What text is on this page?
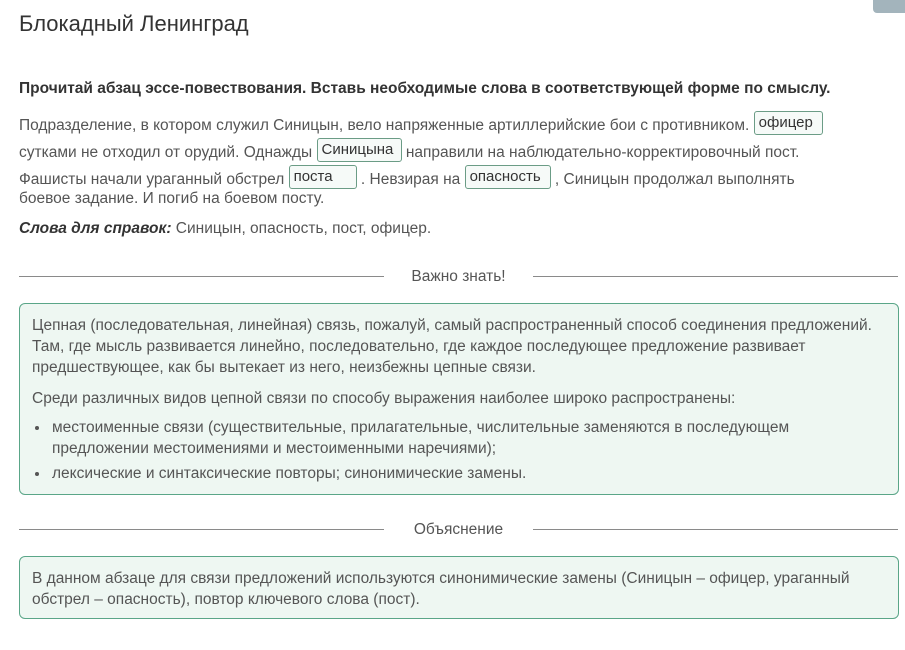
Блокадный Ленинград

Прочитай абзац эссе-повествования. Вставь необходимые слова в соответствующей форме по смыслу.

Подразделение, в котором служил Синицын, вело напряженные артиллерийские бои с противником. офицер
сутками не отходил от орудий. Однажды Синицына направили на наблюдательно-корректировочный пост.
Фашисты начали ураганный обстрел поста . Невзирая на опасность , Синицын продолжал выполнять
боевое задание. И погиб на боевом посту.

Слова для справок: Синицын, опасность, пост, офицер.

Важно знать!

Цепная (последовательная, линейная) связь, пожалуй, самый распространенный способ соединения предложений. Там, где мысль развивается линейно, последовательно, где каждое последующее предложение развивает предшествующее, как бы вытекает из него, неизбежны цепные связи.

Среди различных видов цепной связи по способу выражения наиболее широко распространены:

• местоименные связи (существительные, прилагательные, числительные заменяются в последующем предложении местоимениями и местоименными наречиями);
• лексические и синтаксические повторы; синонимические замены.
Объяснение

В данном абзаце для связи предложений используются синонимические замены (Синицын – офицер, ураганный обстрел – опасность), повтор ключевого слова (пост).
